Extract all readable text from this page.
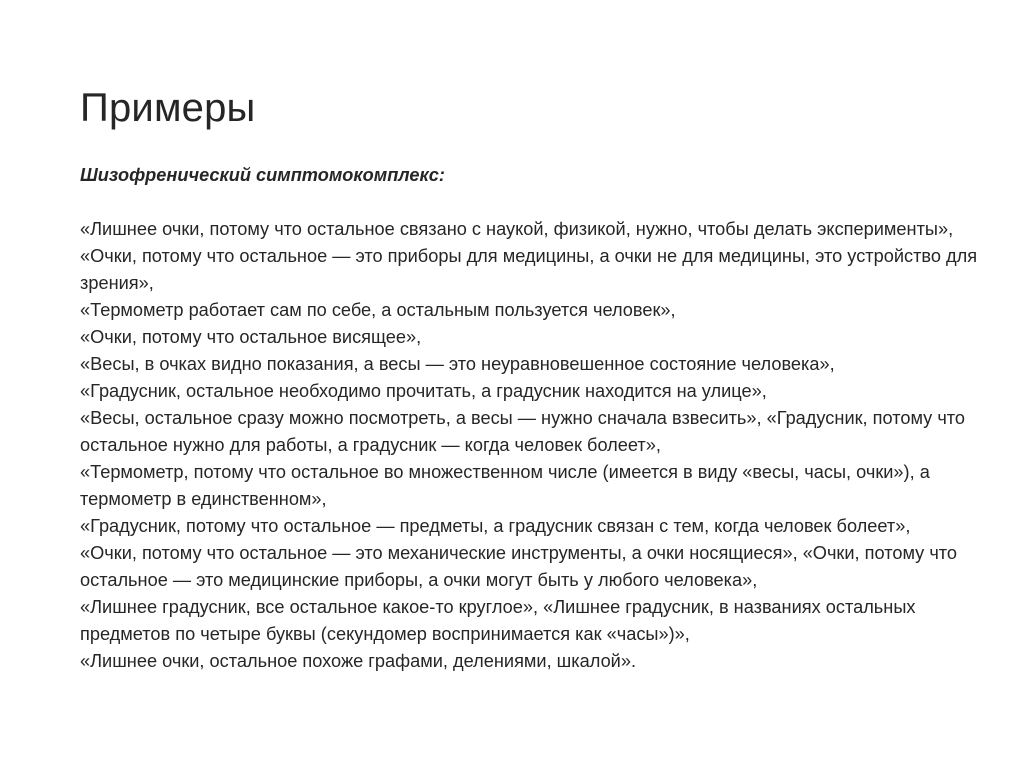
Примеры

Шизофренический симптомокомплекс:

«Лишнее очки, потому что остальное связано с наукой, физикой, нужно, чтобы делать эксперименты»,

«Очки, потому что остальное — это приборы для медицины, а очки не для медицины, это устройство для зрения»,

«Термометр работает сам по себе, а остальным пользуется человек»,

«Очки, потому что остальное висящее»,

«Весы, в очках видно показания, а весы — это неуравновешенное состояние человека»,

«Градусник, остальное необходимо прочитать, а градусник находится на улице»,

«Весы, остальное сразу можно посмотреть, а весы — нужно сначала взвесить», «Градусник, потому что остальное нужно для работы, а градусник — когда человек болеет»,

«Термометр, потому что остальное во множественном числе (имеется в виду «весы, часы, очки»), а термометр в единственном»,

«Градусник, потому что остальное — предметы, а градусник связан с тем, когда человек болеет»,

«Очки, потому что остальное — это механические инструменты, а очки носящиеся», «Очки, потому что остальное — это медицинские приборы, а очки могут быть у любого человека»,

«Лишнее градусник, все остальное какое-то круглое», «Лишнее градусник, в названиях остальных предметов по четыре буквы (секундомер воспринимается как «часы»)»,

«Лишнее очки, остальное похоже графами, делениями, шкалой».
